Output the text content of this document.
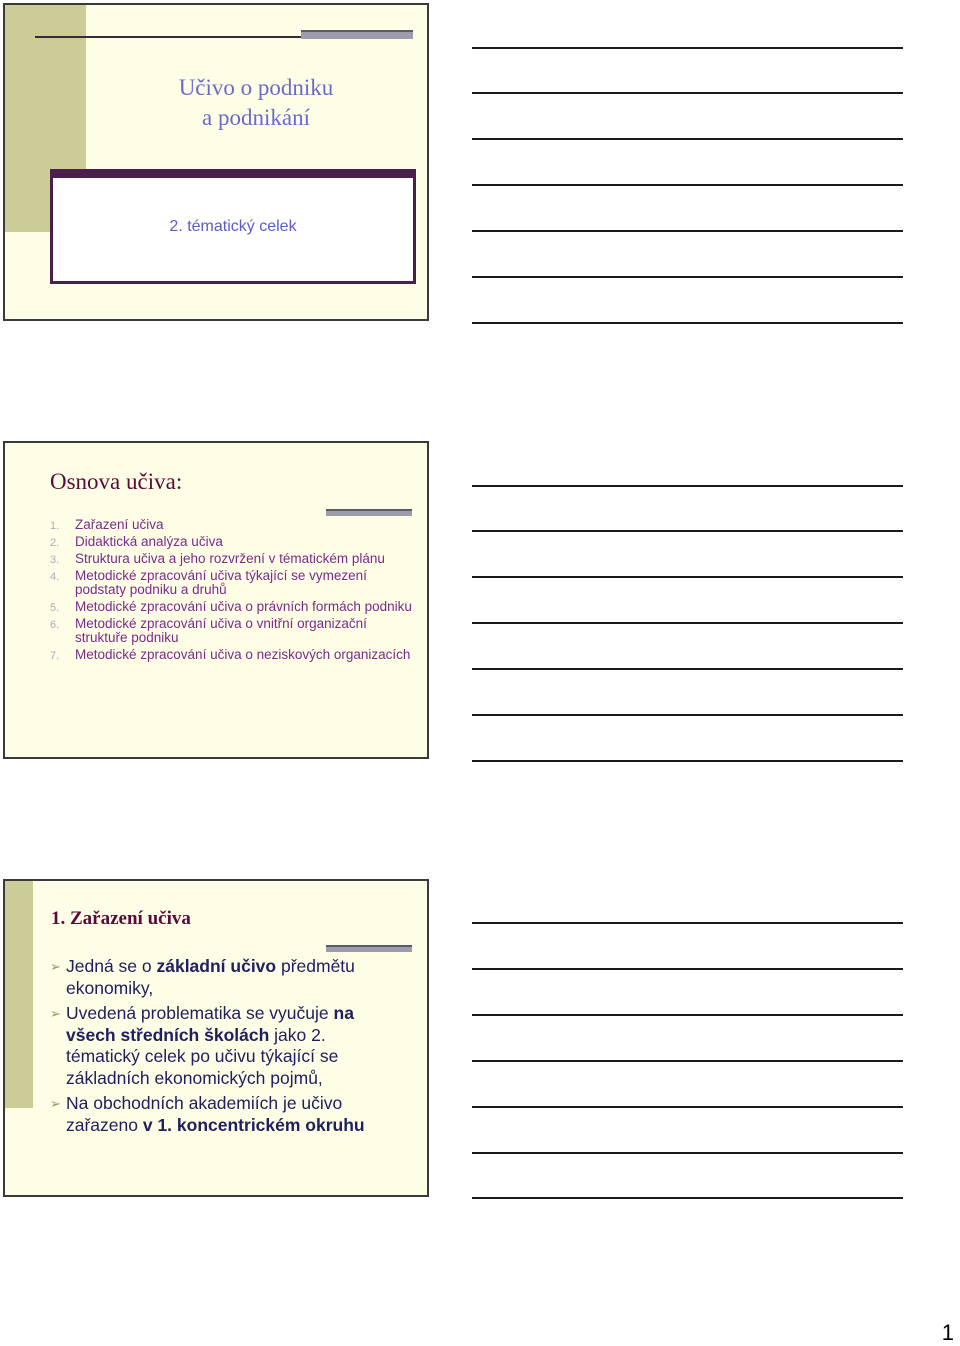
Učivo o podniku
a podnikání
2. tématický celek
Osnova učiva:
1. Zařazení učiva
2. Didaktická analýza učiva
3. Struktura učiva a jeho rozvržení v tématickém plánu
4. Metodické zpracování učiva týkající se vymezení podstaty podniku a druhů
5. Metodické zpracování učiva o právních formách podniku
6. Metodické zpracování učiva o vnitřní organizační struktuře podniku
7. Metodické zpracování učiva o neziskových organizacích
1. Zařazení učiva
➢ Jedná se o základní učivo předmětu ekonomiky,
➢ Uvedená problematika se vyučuje na všech středních školách jako 2. tématický celek po učivu týkající se základních ekonomických pojmů,
➢ Na obchodních akademiích je učivo zařazeno v 1. koncentrickém okruhu
1
